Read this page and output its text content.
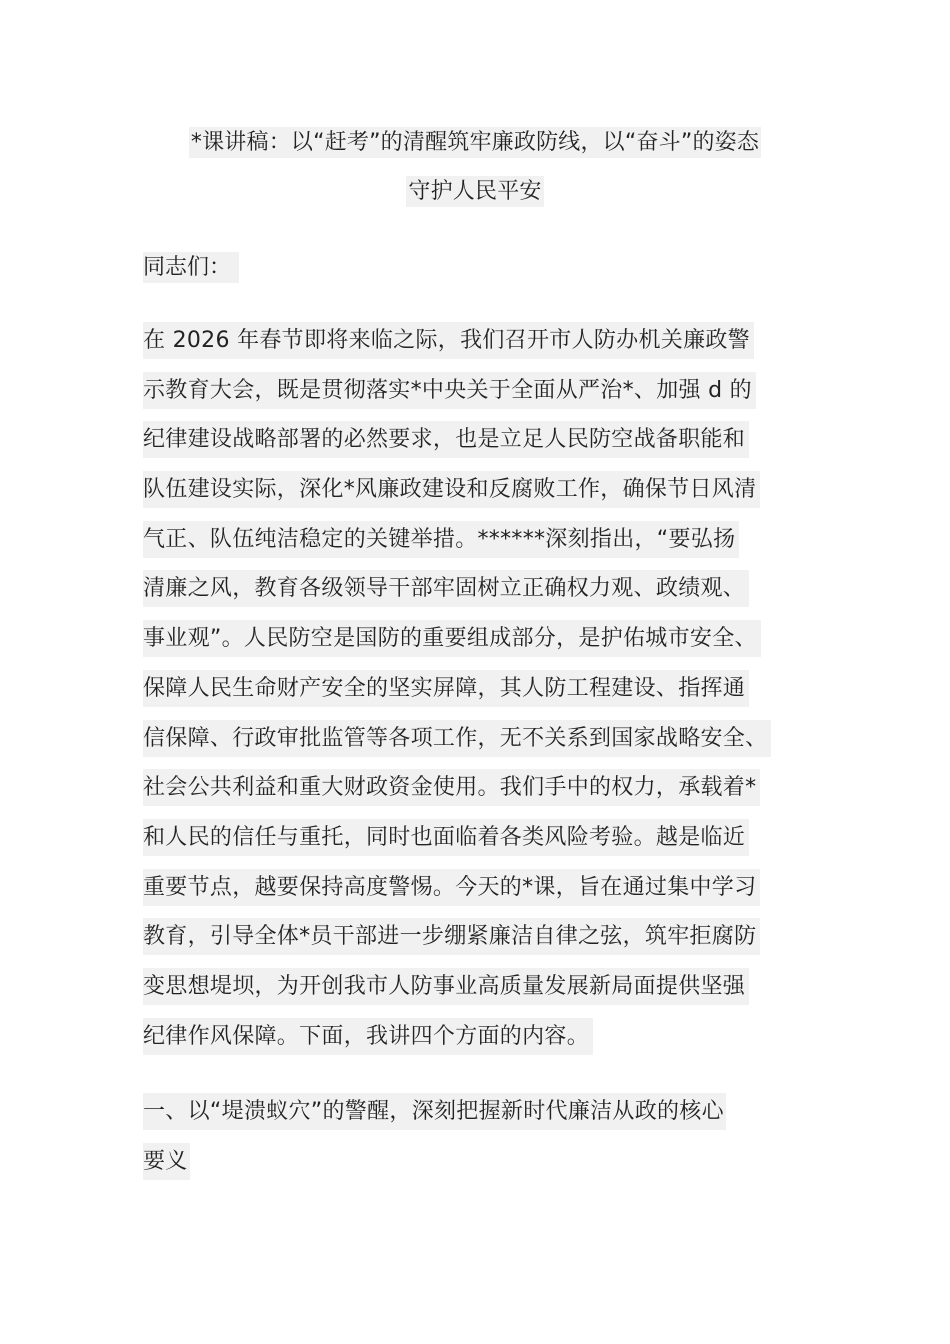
*课讲稿：以“赶考”的清醒筑牢廉政防线，以“奋斗”的姿态
守护人民平安
同志们：
在 2026 年春节即将来临之际，我们召开市人防办机关廉政警
示教育大会，既是贯彻落实*中央关于全面从严治*、加强 d 的
纪律建设战略部署的必然要求，也是立足人民防空战备职能和
队伍建设实际，深化*风廉政建设和反腐败工作，确保节日风清
气正、队伍纯洁稳定的关键举措。******深刻指出，“要弘扬
清廉之风，教育各级领导干部牢固树立正确权力观、政绩观、
事业观”。人民防空是国防的重要组成部分，是护佑城市安全、
保障人民生命财产安全的坚实屏障，其人防工程建设、指挥通
信保障、行政审批监管等各项工作，无不关系到国家战略安全、
社会公共利益和重大财政资金使用。我们手中的权力，承载着*
和人民的信任与重托，同时也面临着各类风险考验。越是临近
重要节点，越要保持高度警惕。今天的*课，旨在通过集中学习
教育，引导全体*员干部进一步绷紧廉洁自律之弦，筑牢拒腐防
变思想堤坝，为开创我市人防事业高质量发展新局面提供坚强
纪律作风保障。下面，我讲四个方面的内容。
一、以“堤溃蚁穴”的警醒，深刻把握新时代廉洁从政的核心
要义
